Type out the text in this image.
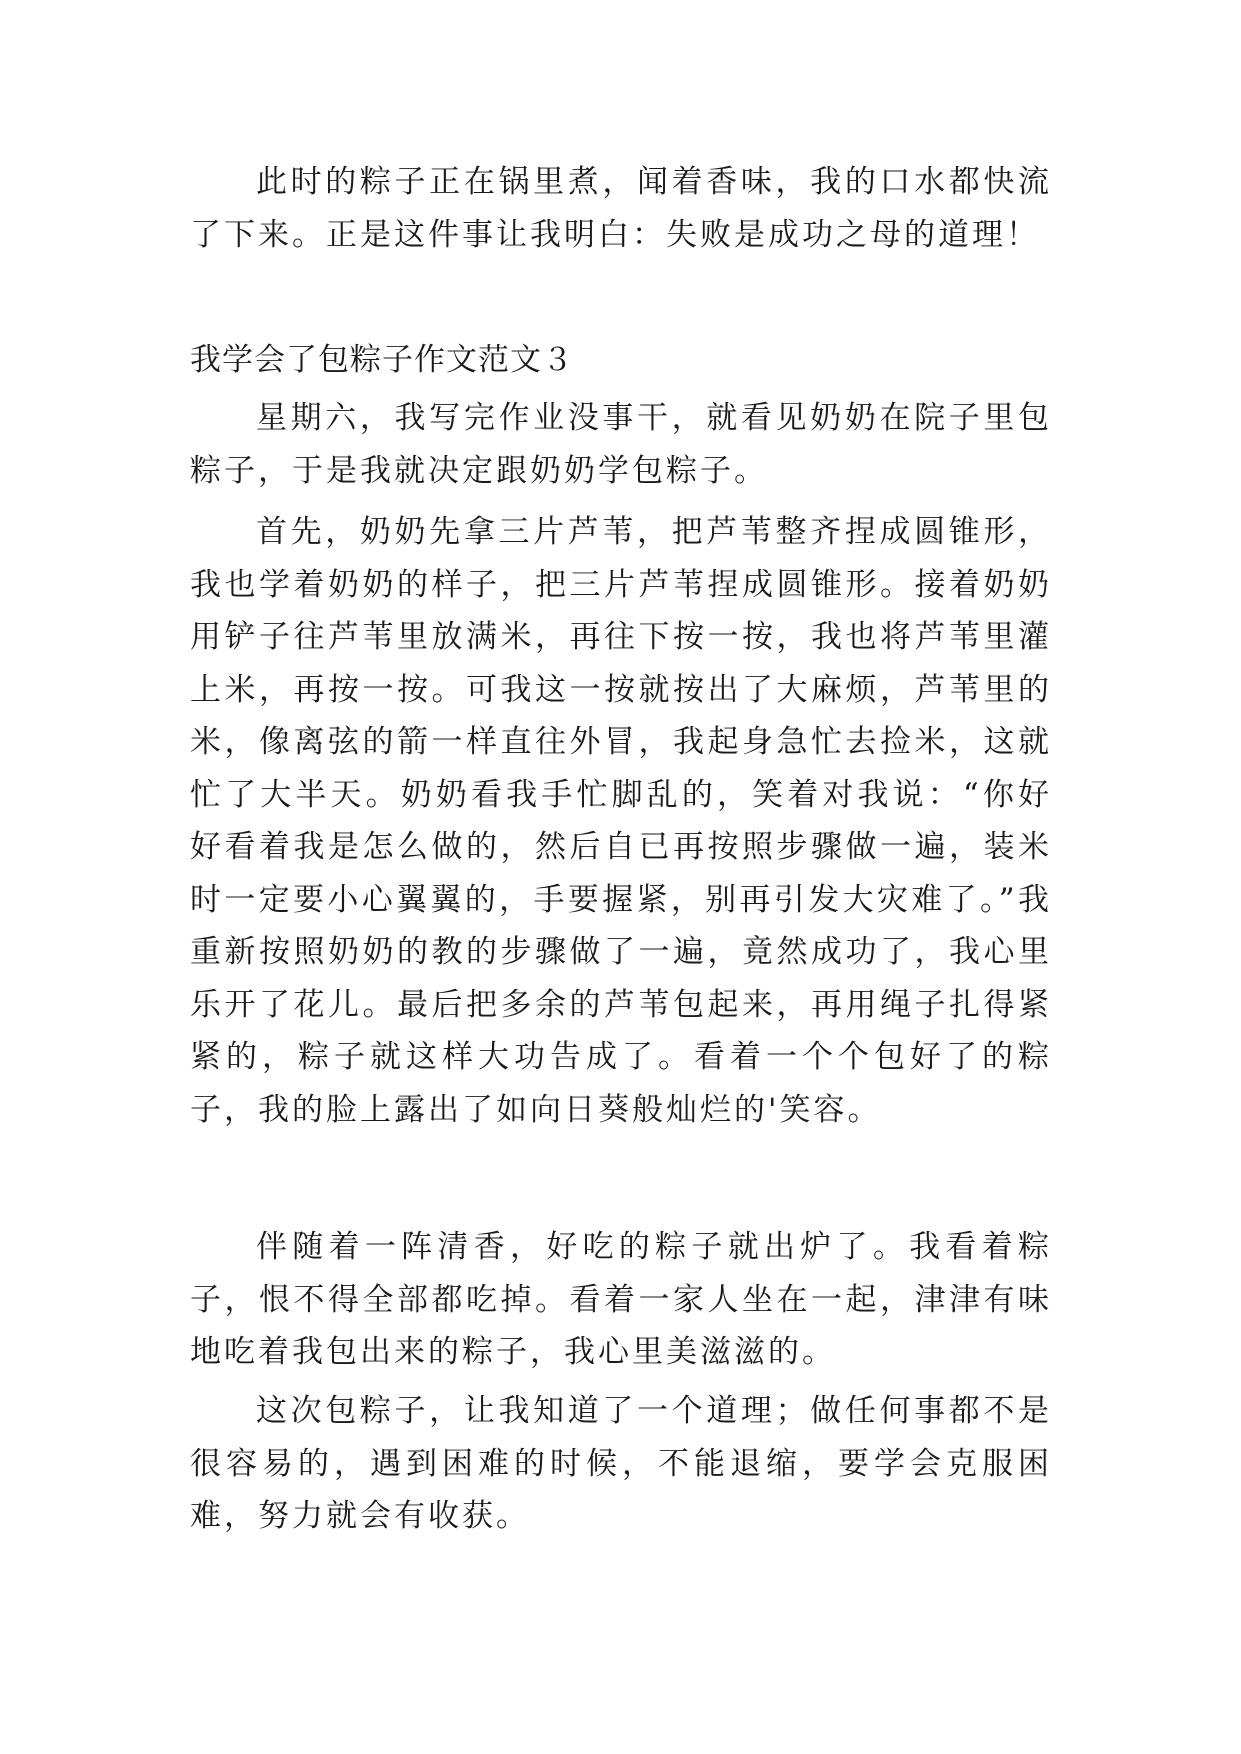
此时的粽子正在锅里煮，闻着香味，我的口水都快流了下来。正是这件事让我明白：失败是成功之母的道理！

我学会了包粽子作文范文３

星期六，我写完作业没事干，就看见奶奶在院子里包粽子，于是我就决定跟奶奶学包粽子。

首先，奶奶先拿三片芦苇，把芦苇整齐捏成圆锥形，我也学着奶奶的样子，把三片芦苇捏成圆锥形。接着奶奶用铲子往芦苇里放满米，再往下按一按，我也将芦苇里灌上米，再按一按。可我这一按就按出了大麻烦，芦苇里的米，像离弦的箭一样直往外冒，我起身急忙去捡米，这就忙了大半天。奶奶看我手忙脚乱的，笑着对我说：“你好好看着我是怎么做的，然后自已再按照步骤做一遍，装米时一定要小心翼翼的，手要握紧，别再引发大灾难了。”我重新按照奶奶的教的步骤做了一遍，竟然成功了，我心里乐开了花儿。最后把多余的芦苇包起来，再用绳子扎得紧紧的，粽子就这样大功告成了。看着一个个包好了的粽子，我的脸上露出了如向日葵般灿烂的'笑容。

伴随着一阵清香，好吃的粽子就出炉了。我看着粽子，恨不得全部都吃掉。看着一家人坐在一起，津津有味地吃着我包出来的粽子，我心里美滋滋的。

这次包粽子，让我知道了一个道理；做任何事都不是很容易的，遇到困难的时候，不能退缩，要学会克服困难，努力就会有收获。
